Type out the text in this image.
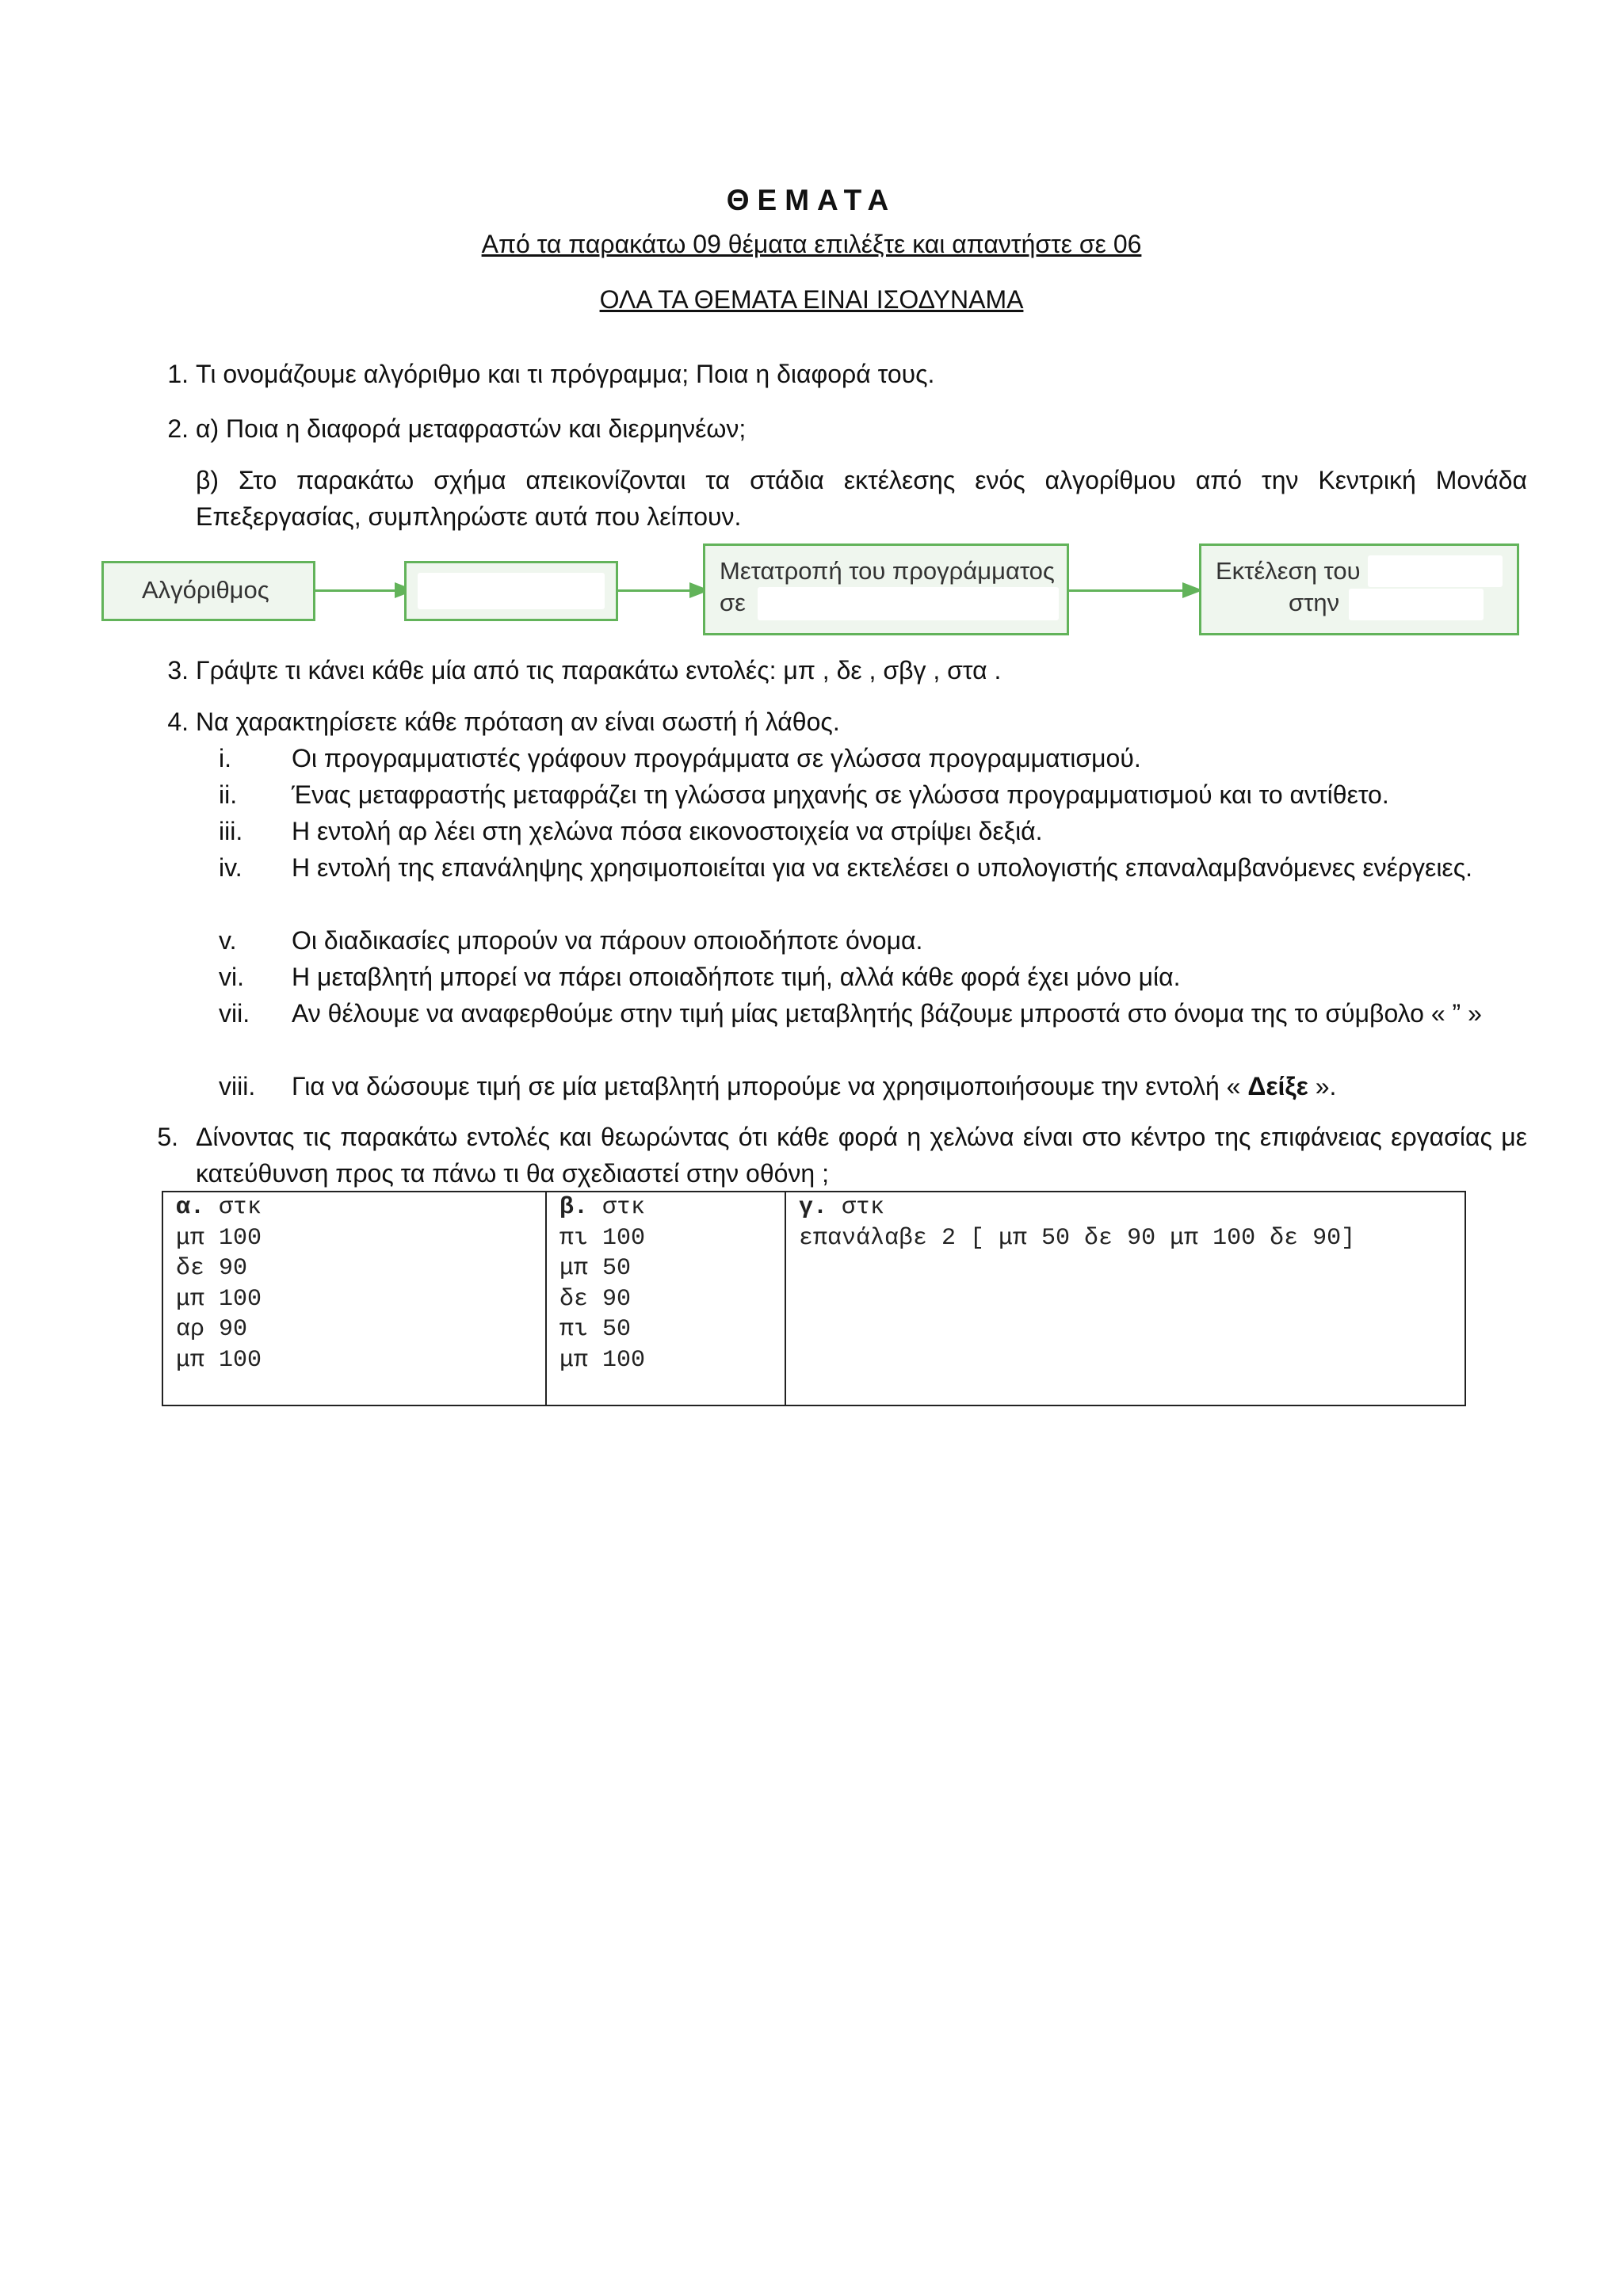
ΘΕΜΑΤΑ
Από τα παρακάτω 09 θέματα επιλέξτε και απαντήστε σε 06
ΟΛΑ ΤΑ ΘΕΜΑΤΑ ΕΙΝΑΙ ΙΣΟΔΥΝΑΜΑ
1. Τι ονομάζουμε αλγόριθμο και τι πρόγραμμα; Ποια η διαφορά τους.
2. α) Ποια η διαφορά μεταφραστών και διερμηνέων;
β) Στο παρακάτω σχήμα απεικονίζονται τα στάδια εκτέλεσης ενός αλγορίθμου από την Κεντρική Μονάδα Επεξεργασίας, συμπληρώστε αυτά που λείπουν.
Αλγόριθμος
Μετατροπή του προγράμματος
σε
Εκτέλεση του
στην
3. Γράψτε τι κάνει κάθε μία από τις παρακάτω εντολές: μπ , δε , σβγ , στα .
4. Να χαρακτηρίσετε κάθε πρόταση αν είναι σωστή ή λάθος.
i. Οι προγραμματιστές γράφουν προγράμματα σε γλώσσα προγραμματισμού.
ii. Ένας μεταφραστής μεταφράζει τη γλώσσα μηχανής σε γλώσσα προγραμματισμού και το αντίθετο.
iii. Η εντολή αρ λέει στη χελώνα πόσα εικονοστοιχεία να στρίψει δεξιά.
iv. Η εντολή της επανάληψης χρησιμοποιείται για να εκτελέσει ο υπολογιστής επαναλαμβανόμενες ενέργειες.
v. Οι διαδικασίες μπορούν να πάρουν οποιοδήποτε όνομα.
vi. Η μεταβλητή μπορεί να πάρει οποιαδήποτε τιμή, αλλά κάθε φορά έχει μόνο μία.
vii. Αν θέλουμε να αναφερθούμε στην τιμή μίας μεταβλητής βάζουμε μπροστά στο όνομα της το σύμβολο « ” »
viii. Για να δώσουμε τιμή σε μία μεταβλητή μπορούμε να χρησιμοποιήσουμε την εντολή « Δείξε ».
5. Δίνοντας τις παρακάτω εντολές και θεωρώντας ότι κάθε φορά η χελώνα είναι στο κέντρο της επιφάνειας εργασίας με κατεύθυνση προς τα πάνω τι θα σχεδιαστεί στην οθόνη ;
α. στκ
μπ 100
δε 90
μπ 100
αρ 90
μπ 100
β. στκ
πι 100
μπ 50
δε 90
πι 50
μπ 100
γ. στκ
επανάλαβε 2 [ μπ 50 δε 90 μπ 100 δε 90]
